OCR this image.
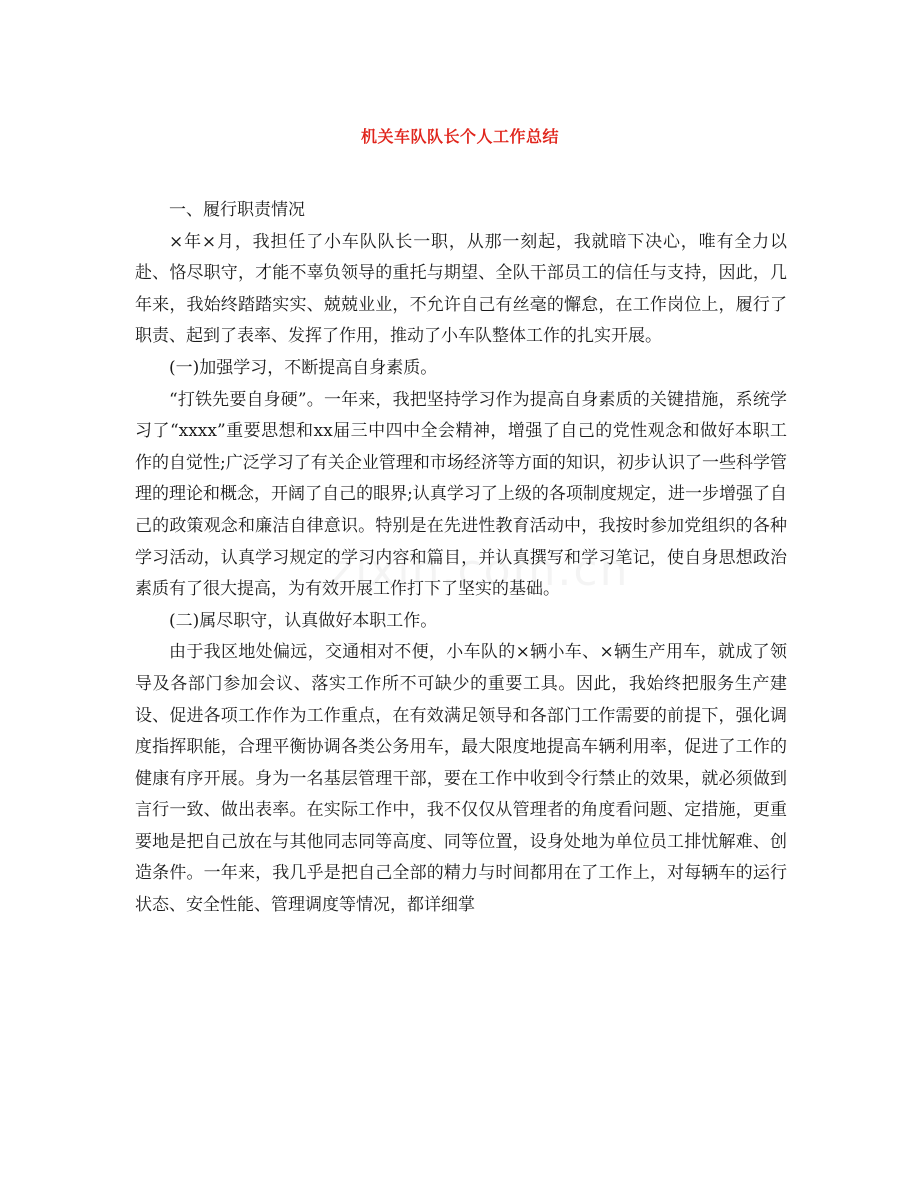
机关车队队长个人工作总结

一、履行职责情况

×年×月，我担任了小车队队长一职，从那一刻起，我就暗下决心，唯有全力以赴、恪尽职守，才能不辜负领导的重托与期望、全队干部员工的信任与支持，因此，几年来，我始终踏踏实实、兢兢业业，不允许自己有丝毫的懈怠，在工作岗位上，履行了职责、起到了表率、发挥了作用，推动了小车队整体工作的扎实开展。

(一)加强学习，不断提高自身素质。

“打铁先要自身硬”。一年来，我把坚持学习作为提高自身素质的关键措施，系统学习了“xxxx”重要思想和xx届三中四中全会精神，增强了自己的党性观念和做好本职工作的自觉性;广泛学习了有关企业管理和市场经济等方面的知识，初步认识了一些科学管理的理论和概念，开阔了自己的眼界;认真学习了上级的各项制度规定，进一步增强了自己的政策观念和廉洁自律意识。特别是在先进性教育活动中，我按时参加党组织的各种学习活动，认真学习规定的学习内容和篇目，并认真撰写和学习笔记，使自身思想政治素质有了很大提高，为有效开展工作打下了坚实的基础。

(二)属尽职守，认真做好本职工作。

由于我区地处偏远，交通相对不便，小车队的×辆小车、×辆生产用车，就成了领导及各部门参加会议、落实工作所不可缺少的重要工具。因此，我始终把服务生产建设、促进各项工作作为工作重点，在有效满足领导和各部门工作需要的前提下，强化调度指挥职能，合理平衡协调各类公务用车，最大限度地提高车辆利用率，促进了工作的健康有序开展。身为一名基层管理干部，要在工作中收到令行禁止的效果，就必须做到言行一致、做出表率。在实际工作中，我不仅仅从管理者的角度看问题、定措施，更重要地是把自己放在与其他同志同等高度、同等位置，设身处地为单位员工排忧解难、创造条件。一年来，我几乎是把自己全部的精力与时间都用在了工作上，对每辆车的运行状态、安全性能、管理调度等情况，都详细掌
